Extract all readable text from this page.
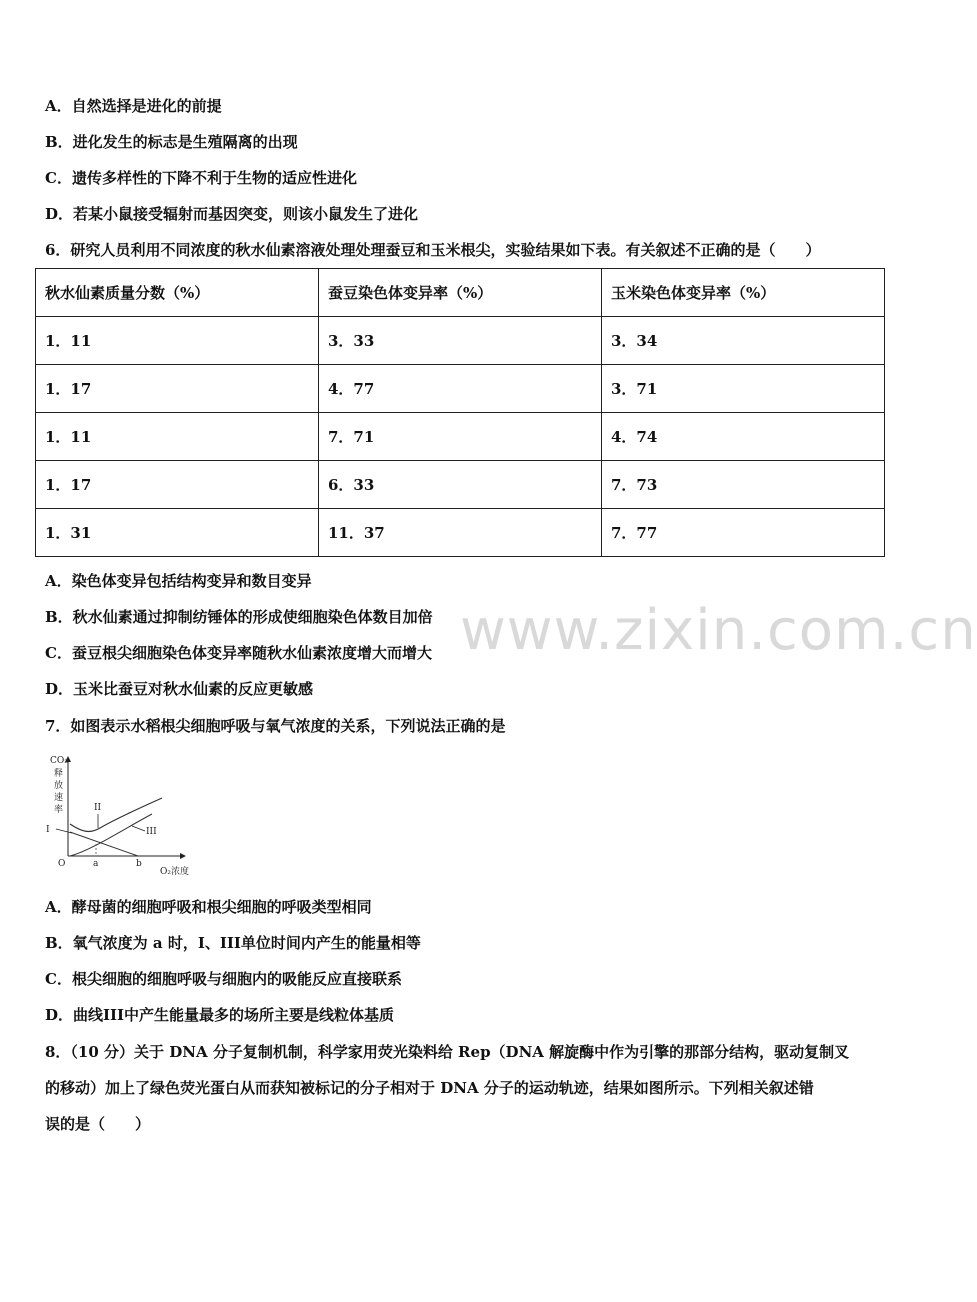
A．自然选择是进化的前提
B．进化发生的标志是生殖隔离的出现
C．遗传多样性的下降不利于生物的适应性进化
D．若某小鼠接受辐射而基因突变，则该小鼠发生了进化
6．研究人员利用不同浓度的秋水仙素溶液处理处理蚕豆和玉米根尖，实验结果如下表。有关叙述不正确的是（　　）
秋水仙素质量分数（%）	蚕豆染色体变异率（%）	玉米染色体变异率（%）
1．11	3．33	3．34
1．17	4．77	3．71
1．11	7．71	4．74
1．17	6．33	7．73
1．31	11．37	7．77
A．染色体变异包括结构变异和数目变异
B．秋水仙素通过抑制纺锤体的形成使细胞染色体数目加倍
C．蚕豆根尖细胞染色体变异率随秋水仙素浓度增大而增大
D．玉米比蚕豆对秋水仙素的反应更敏感
7．如图表示水稻根尖细胞呼吸与氧气浓度的关系，下列说法正确的是
CO₂
释
放
速
率
I
II
III
O	a	b
O₂浓度
A．酵母菌的细胞呼吸和根尖细胞的呼吸类型相同
B．氧气浓度为 a 时，I、III单位时间内产生的能量相等
C．根尖细胞的细胞呼吸与细胞内的吸能反应直接联系
D．曲线III中产生能量最多的场所主要是线粒体基质
8．（10 分）关于 DNA 分子复制机制，科学家用荧光染料给 Rep（DNA 解旋酶中作为引擎的那部分结构，驱动复制叉
的移动）加上了绿色荧光蛋白从而获知被标记的分子相对于 DNA 分子的运动轨迹，结果如图所示。下列相关叙述错
误的是（　　）
www.zixin.com.cn
